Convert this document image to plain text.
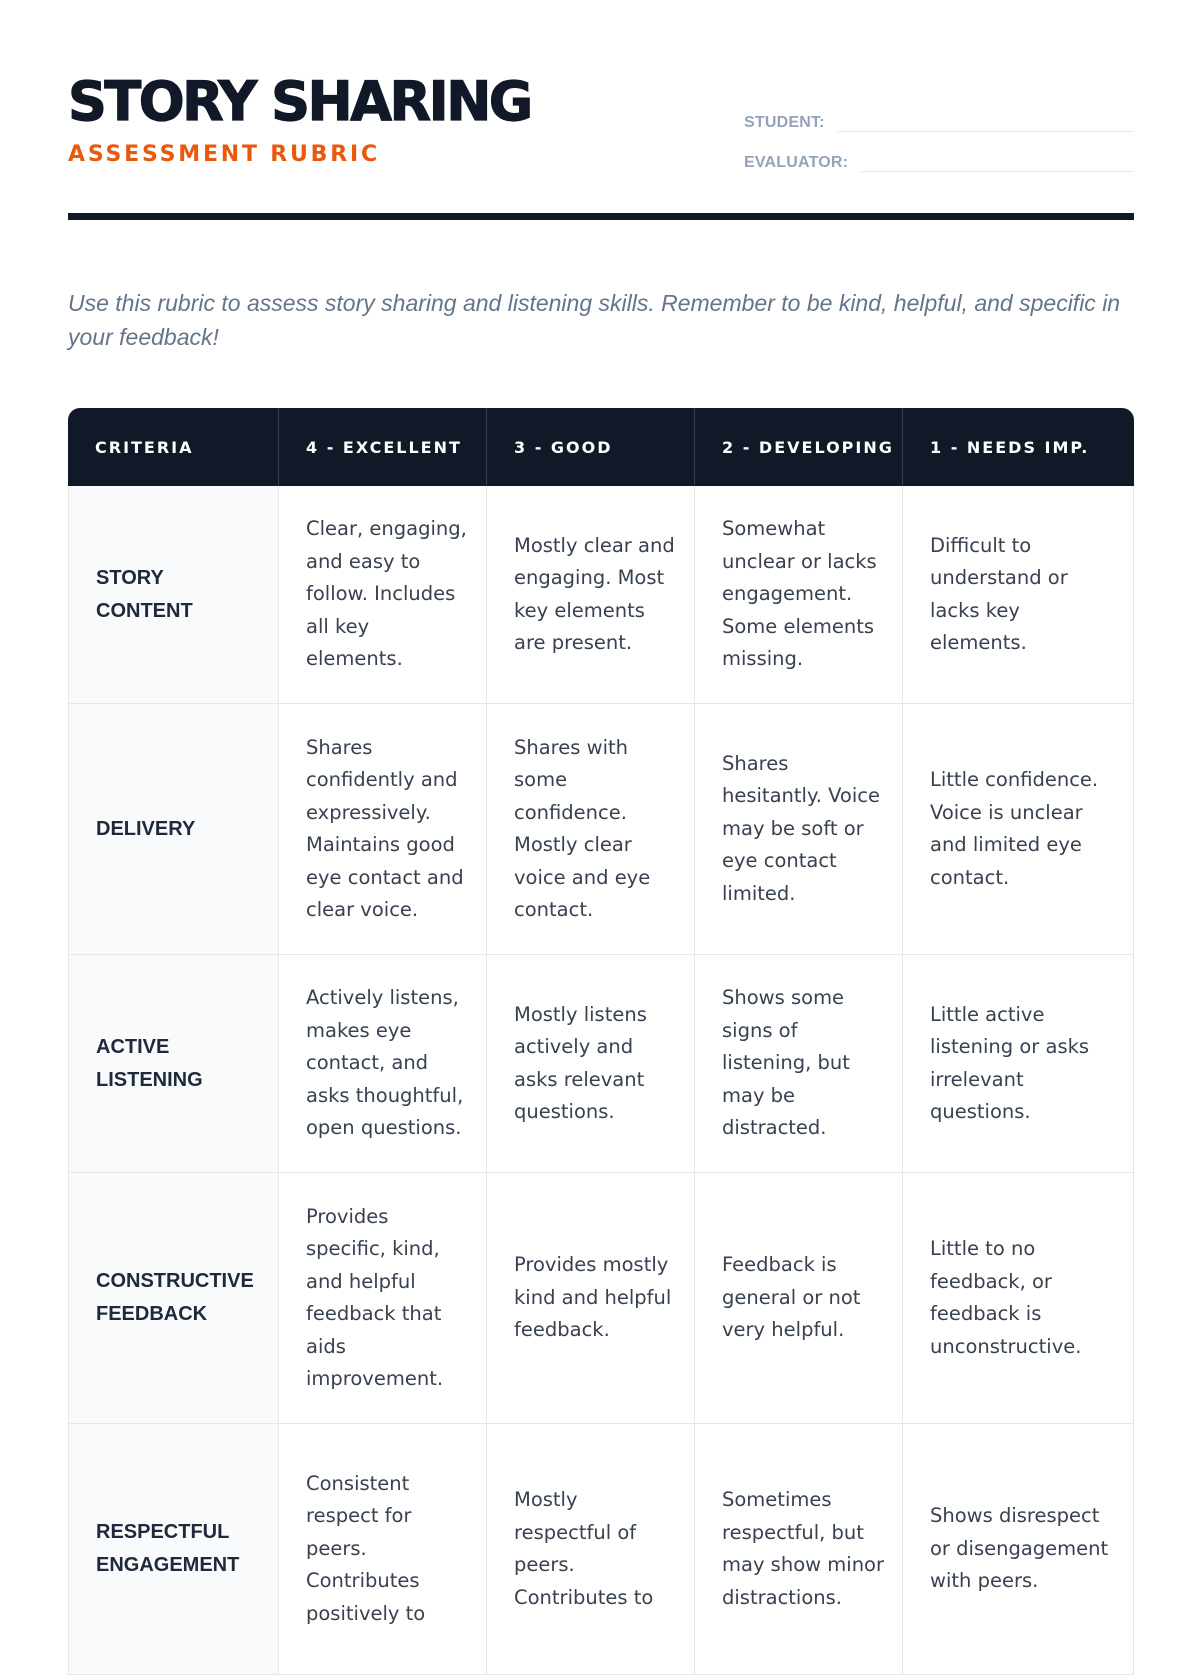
STORY SHARING
ASSESSMENT RUBRIC
STUDENT:
EVALUATOR:

Use this rubric to assess story sharing and listening skills. Remember to be kind, helpful, and specific in your feedback!

CRITERIA	4 - EXCELLENT	3 - GOOD	2 - DEVELOPING	1 - NEEDS IMP.
STORY CONTENT	Clear, engaging, and easy to follow. Includes all key elements.	Mostly clear and engaging. Most key elements are present.	Somewhat unclear or lacks engagement. Some elements missing.	Difficult to understand or lacks key elements.
DELIVERY	Shares confidently and expressively. Maintains good eye contact and clear voice.	Shares with some confidence. Mostly clear voice and eye contact.	Shares hesitantly. Voice may be soft or eye contact limited.	Little confidence. Voice is unclear and limited eye contact.
ACTIVE LISTENING	Actively listens, makes eye contact, and asks thoughtful, open questions.	Mostly listens actively and asks relevant questions.	Shows some signs of listening, but may be distracted.	Little active listening or asks irrelevant questions.
CONSTRUCTIVE FEEDBACK	Provides specific, kind, and helpful feedback that aids improvement.	Provides mostly kind and helpful feedback.	Feedback is general or not very helpful.	Little to no feedback, or feedback is unconstructive.
RESPECTFUL ENGAGEMENT	Consistent respect for peers. Contributes positively to	Mostly respectful of peers. Contributes to	Sometimes respectful, but may show minor distractions.	Shows disrespect or disengagement with peers.
